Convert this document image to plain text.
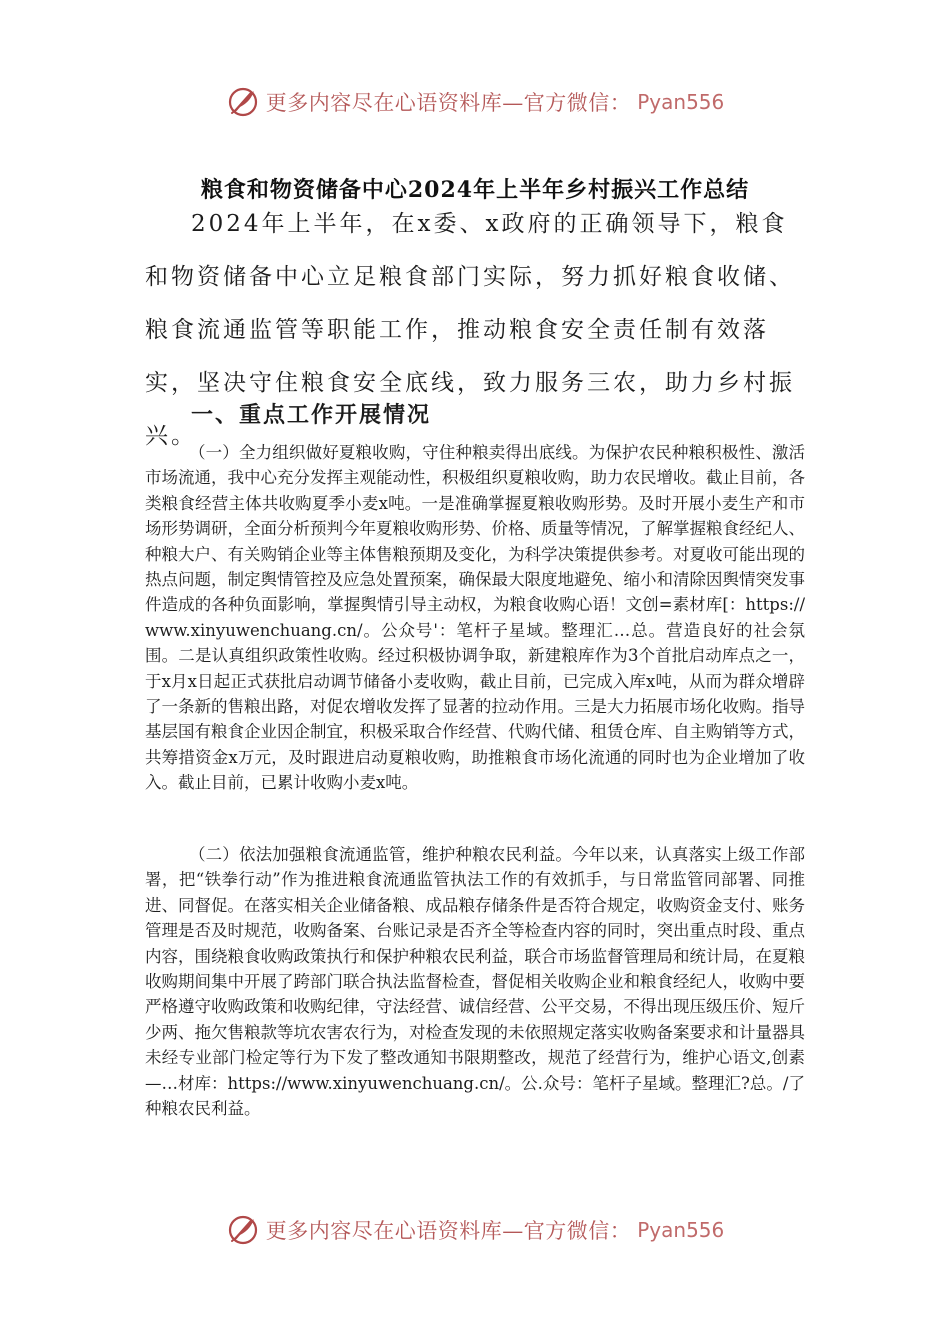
更多内容尽在心语资料库—官方微信： Pyan556
粮食和物资储备中心2024年上半年乡村振兴工作总结

2024年上半年，在x委、x政府的正确领导下，粮食和物资储备中心立足粮食部门实际，努力抓好粮食收储、粮食流通监管等职能工作，推动粮食安全责任制有效落实，坚决守住粮食安全底线，致力服务三农，助力乡村振兴。

一、重点工作开展情况

（一）全力组织做好夏粮收购，守住种粮卖得出底线。为保护农民种粮积极性、激活市场流通，我中心充分发挥主观能动性，积极组织夏粮收购，助力农民增收。截止目前，各类粮食经营主体共收购夏季小麦x吨。一是准确掌握夏粮收购形势。及时开展小麦生产和市场形势调研，全面分析预判今年夏粮收购形势、价格、质量等情况，了解掌握粮食经纪人、种粮大户、有关购销企业等主体售粮预期及变化，为科学决策提供参考。对夏收可能出现的热点问题，制定舆情管控及应急处置预案，确保最大限度地避免、缩小和清除因舆情突发事件造成的各种负面影响，掌握舆情引导主动权，为粮食收购心语！文创=素材库[：https://www.xinyuwenchuang.cn/。公众号'：笔杆子星域。整理汇…总。营造良好的社会氛围。二是认真组织政策性收购。经过积极协调争取，新建粮库作为3个首批启动库点之一，于x月x日起正式获批启动调节储备小麦收购，截止目前，已完成入库x吨，从而为群众增辟了一条新的售粮出路，对促农增收发挥了显著的拉动作用。三是大力拓展市场化收购。指导基层国有粮食企业因企制宜，积极采取合作经营、代购代储、租赁仓库、自主购销等方式，共筹措资金x万元，及时跟进启动夏粮收购，助推粮食市场化流通的同时也为企业增加了收入。截止目前，已累计收购小麦x吨。

（二）依法加强粮食流通监管，维护种粮农民利益。今年以来，认真落实上级工作部署，把“铁拳行动”作为推进粮食流通监管执法工作的有效抓手，与日常监管同部署、同推进、同督促。在落实相关企业储备粮、成品粮存储条件是否符合规定，收购资金支付、账务管理是否及时规范，收购备案、台账记录是否齐全等检查内容的同时，突出重点时段、重点内容，围绕粮食收购政策执行和保护种粮农民利益，联合市场监督管理局和统计局，在夏粮收购期间集中开展了跨部门联合执法监督检查，督促相关收购企业和粮食经纪人，收购中要严格遵守收购政策和收购纪律，守法经营、诚信经营、公平交易，不得出现压级压价、短斤少两、拖欠售粮款等坑农害农行为，对检查发现的未依照规定落实收购备案要求和计量器具未经专业部门检定等行为下发了整改通知书限期整改，规范了经营行为，维护心语文,创素—…材库：https://www.xinyuwenchuang.cn/。公.众号：笔杆子星域。整理汇?总。/了种粮农民利益。

更多内容尽在心语资料库—官方微信： Pyan556
